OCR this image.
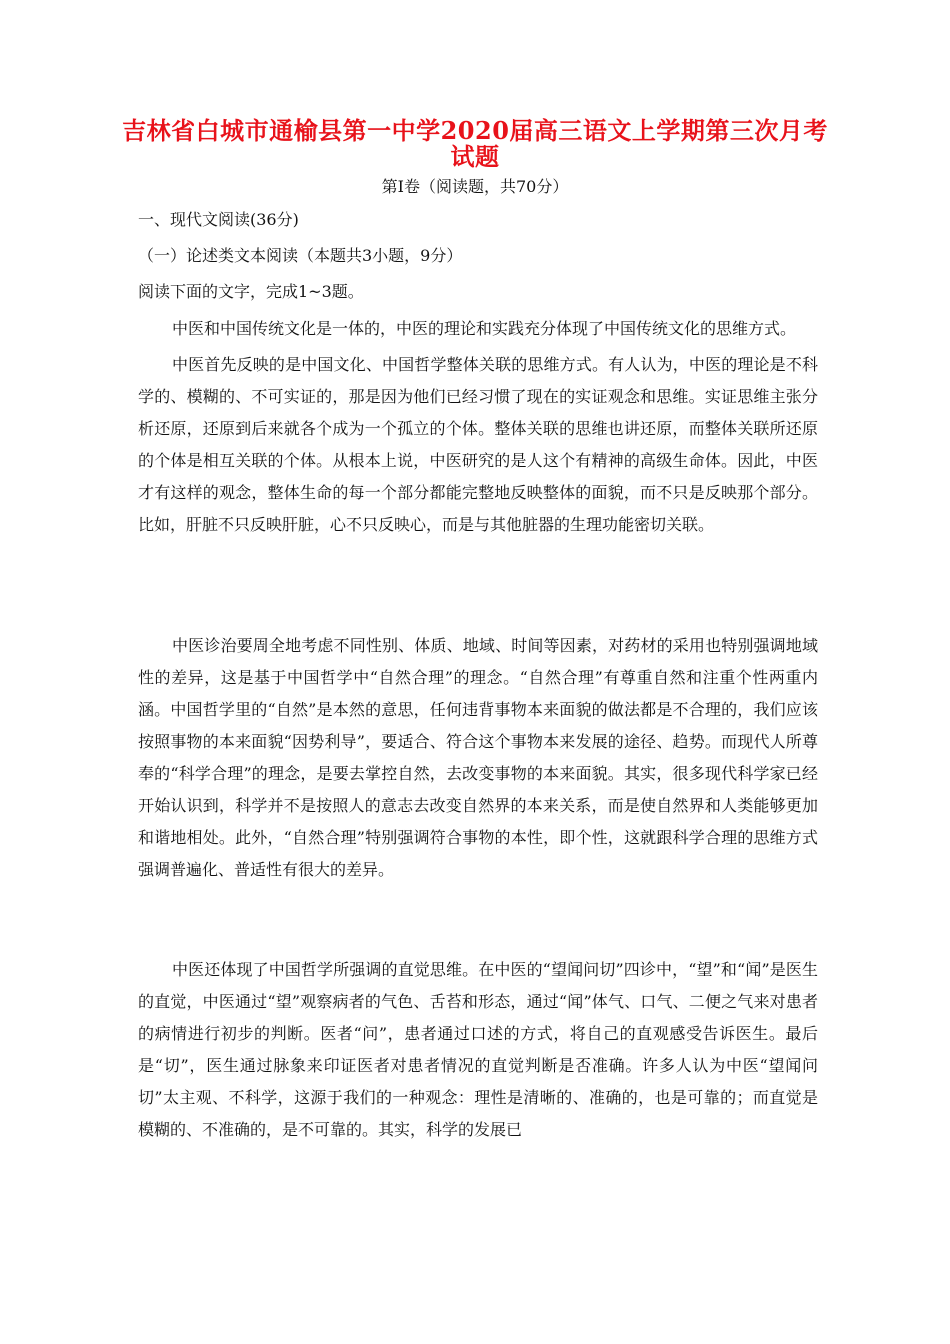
吉林省白城市通榆县第一中学2020届高三语文上学期第三次月考试题
第Ⅰ卷（阅读题，共70分）
一、现代文阅读(36分)
（一）论述类文本阅读（本题共3小题，9分）
阅读下面的文字，完成1~3题。

中医和中国传统文化是一体的，中医的理论和实践充分体现了中国传统文化的思维方式。

中医首先反映的是中国文化、中国哲学整体关联的思维方式。有人认为，中医的理论是不科学的、模糊的、不可实证的，那是因为他们已经习惯了现在的实证观念和思维。实证思维主张分析还原，还原到后来就各个成为一个孤立的个体。整体关联的思维也讲还原，而整体关联所还原的个体是相互关联的个体。从根本上说，中医研究的是人这个有精神的高级生命体。因此，中医才有这样的观念，整体生命的每一个部分都能完整地反映整体的面貌，而不只是反映那个部分。比如，肝脏不只反映肝脏，心不只反映心，而是与其他脏器的生理功能密切关联。

中医诊治要周全地考虑不同性别、体质、地域、时间等因素，对药材的采用也特别强调地域性的差异，这是基于中国哲学中“自然合理”的理念。“自然合理”有尊重自然和注重个性两重内涵。中国哲学里的“自然”是本然的意思，任何违背事物本来面貌的做法都是不合理的，我们应该按照事物的本来面貌“因势利导”，要适合、符合这个事物本来发展的途径、趋势。而现代人所尊奉的“科学合理”的理念，是要去掌控自然，去改变事物的本来面貌。其实，很多现代科学家已经开始认识到，科学并不是按照人的意志去改变自然界的本来关系，而是使自然界和人类能够更加和谐地相处。此外，“自然合理”特别强调符合事物的本性，即个性，这就跟科学合理的思维方式强调普遍化、普适性有很大的差异。

中医还体现了中国哲学所强调的直觉思维。在中医的“望闻问切”四诊中，“望”和“闻”是医生的直觉，中医通过“望”观察病者的气色、舌苔和形态，通过“闻”体气、口气、二便之气来对患者的病情进行初步的判断。医者“问”，患者通过口述的方式，将自己的直观感受告诉医生。最后是“切”，医生通过脉象来印证医者对患者情况的直觉判断是否准确。许多人认为中医“望闻问切”太主观、不科学，这源于我们的一种观念：理性是清晰的、准确的，也是可靠的；而直觉是模糊的、不准确的，是不可靠的。其实，科学的发展已
